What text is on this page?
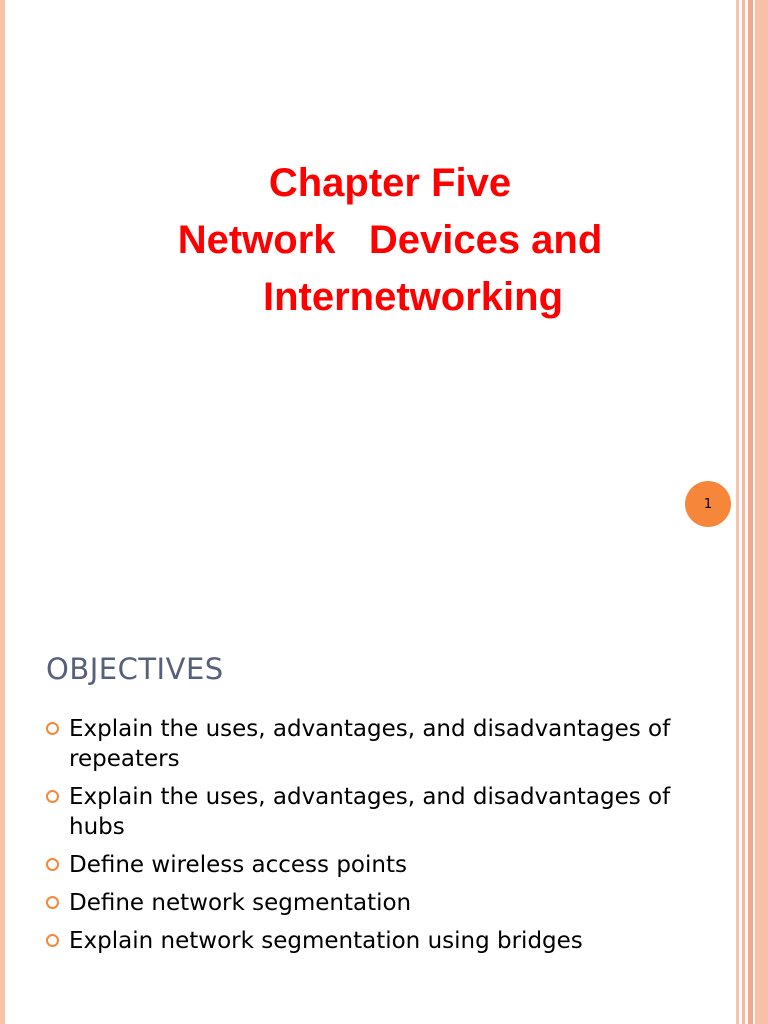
Chapter Five
Network   Devices and
Internetworking
1
OBJECTIVES
Explain the uses, advantages, and disadvantages of repeaters
Explain the uses, advantages, and disadvantages of hubs
Define wireless access points
Define network segmentation
Explain network segmentation using bridges
